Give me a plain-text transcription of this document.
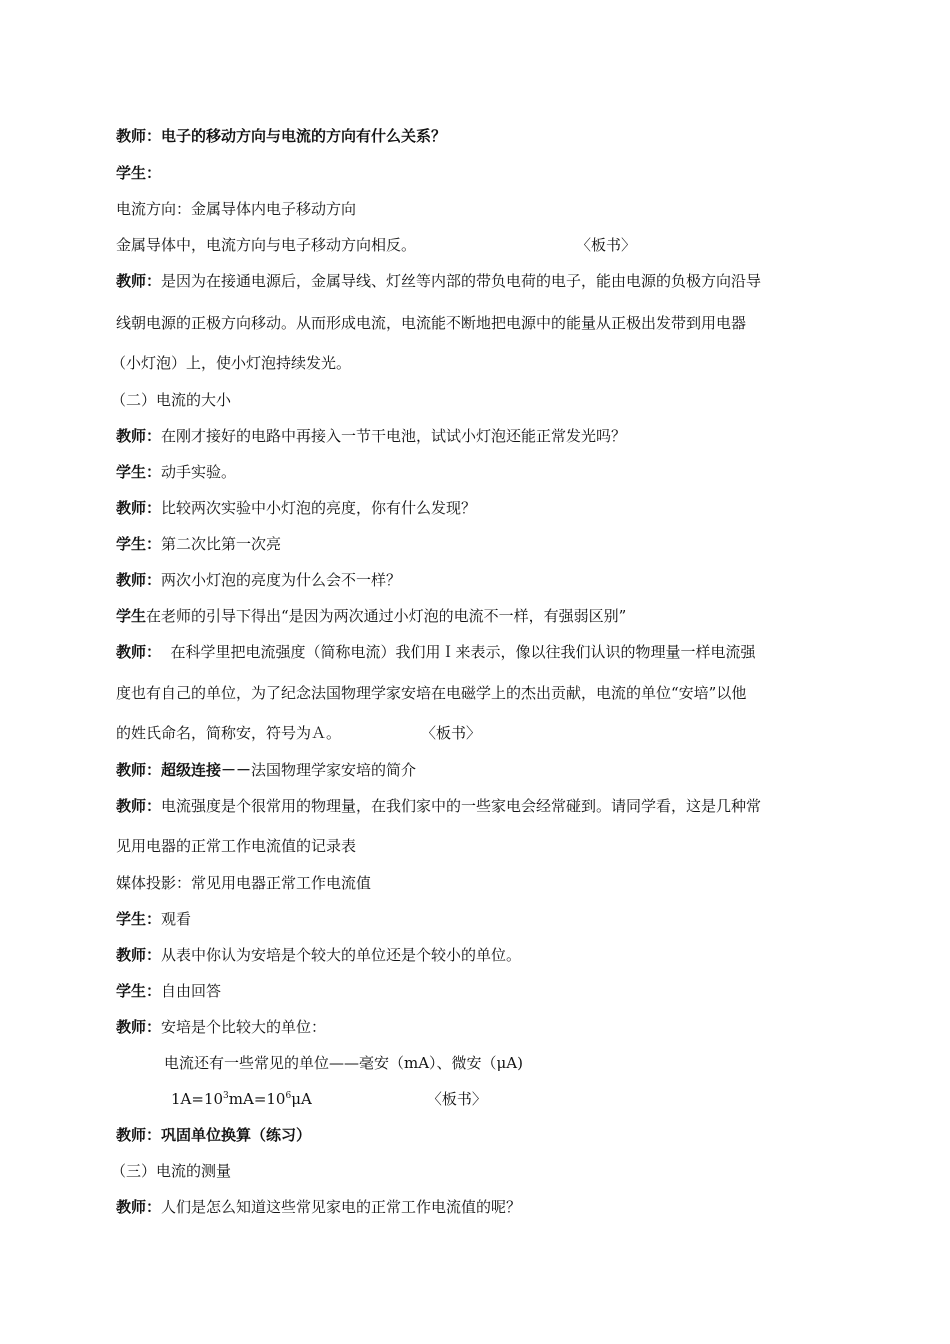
教师：电子的移动方向与电流的方向有什么关系？
学生：
电流方向：金属导体内电子移动方向
金属导体中，电流方向与电子移动方向相反。	〈板书〉
教师：是因为在接通电源后，金属导线、灯丝等内部的带负电荷的电子，能由电源的负极方向沿导
线朝电源的正极方向移动。从而形成电流，电流能不断地把电源中的能量从正极出发带到用电器
（小灯泡）上，使小灯泡持续发光。
（二）电流的大小
教师：在刚才接好的电路中再接入一节干电池，试试小灯泡还能正常发光吗？
学生：动手实验。
教师：比较两次实验中小灯泡的亮度，你有什么发现？
学生：第二次比第一次亮
教师：两次小灯泡的亮度为什么会不一样？
学生在老师的引导下得出“是因为两次通过小灯泡的电流不一样，有强弱区别”
教师：  在科学里把电流强度（简称电流）我们用Ｉ来表示，像以往我们认识的物理量一样电流强
度也有自己的单位，为了纪念法国物理学家安培在电磁学上的杰出贡献，电流的单位“安培”以他
的姓氏命名，简称安，符号为Ａ。	〈板书〉
教师：超级连接－－法国物理学家安培的简介
教师：电流强度是个很常用的物理量，在我们家中的一些家电会经常碰到。请同学看，这是几种常
见用电器的正常工作电流值的记录表
媒体投影：常见用电器正常工作电流值
学生：观看
教师：从表中你认为安培是个较大的单位还是个较小的单位。
学生：自由回答
教师：安培是个比较大的单位：
电流还有一些常见的单位——毫安（mA）、微安（μA)
$1A=10^3mA=10^6\mu A$	〈板书〉
教师：巩固单位换算（练习）
（三）电流的测量
教师：人们是怎么知道这些常见家电的正常工作电流值的呢？
